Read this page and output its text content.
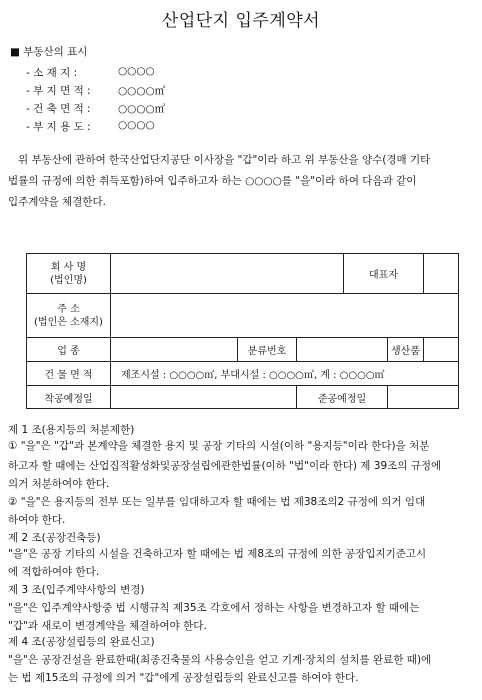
산업단지 입주계약서
■ 부동산의 표시
- 소 재 지 :	○○○○
- 부 지 면 적 :	○○○○㎡
- 건 축 면 적 :	○○○○㎡
- 부 지 용 도 :	○○○○
위 부동산에 관하여 한국산업단지공단 이사장을 "갑"이라 하고 위 부동산을 양수(경매 기타
법률의 규정에 의한 취득포함)하여 입주하고자 하는 ○○○○를 "을"이라 하여 다음과 같이
입주계약을 체결한다.
회 사 명
(법인명)				대표자		

주 소
(법인은 소재지)						

업 종		분류번호			생산품	
건 물 면 적	제조시설 : ○○○○㎡, 부대시설 : ○○○○㎡, 계 : ○○○○㎡					
착공예정일			준공예정일			
제 1 조(용지등의 처분제한)
① "을"은 "갑"과 본계약을 체결한 용지 및 공장 기타의 시설(이하 "용지등"이라 한다)을 처분
하고자 할 때에는 산업집적활성화및공장설립에관한법률(이하 "법"이라 한다) 제 39조의 규정에
의거 처분하여야 한다.
② "을"은 용지등의 전부 또는 일부를 임대하고자 할 때에는 법 제38조의2 규정에 의거 임대
하여야 한다.
제 2 조(공장건축등)
"을"은 공장 기타의 시설을 건축하고자 할 때에는 법 제8조의 규정에 의한 공장입지기준고시
에 적합하여야 한다.
제 3 조(입주계약사항의 변경)
"을"은 입주계약사항중 법 시행규칙 제35조 각호에서 정하는 사항을 변경하고자 할 때에는
"갑"과 새로이 변경계약을 체결하여야 한다.
제 4 조(공장설립등의 완료신고)
"을"은 공장건설을 완료한때(최종건축물의 사용승인을 얻고 기계·장치의 설치를 완료한 때)에
는 법 제15조의 규정에 의거 "갑"에게 공장설립등의 완료신고를 하여야 한다.
